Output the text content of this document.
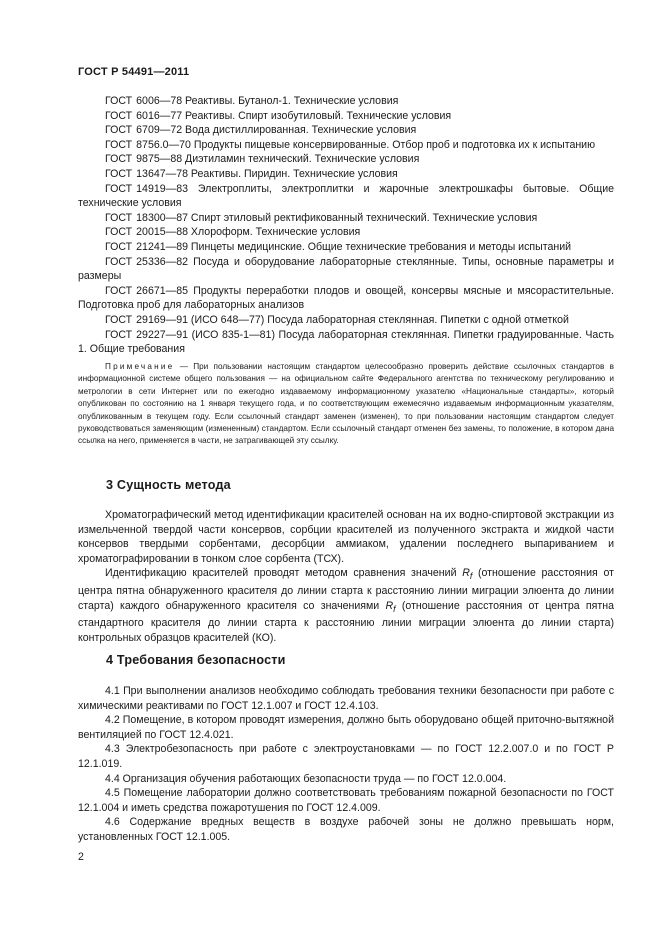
ГОСТ Р 54491—2011
ГОСТ 6006—78 Реактивы. Бутанол-1. Технические условия
ГОСТ 6016—77 Реактивы. Спирт изобутиловый. Технические условия
ГОСТ 6709—72 Вода дистиллированная. Технические условия
ГОСТ 8756.0—70 Продукты пищевые консервированные. Отбор проб и подготовка их к испытанию
ГОСТ 9875—88 Диэтиламин технический. Технические условия
ГОСТ 13647—78 Реактивы. Пиридин. Технические условия
ГОСТ 14919—83 Электроплиты, электроплитки и жарочные электрошкафы бытовые. Общие технические условия
ГОСТ 18300—87 Спирт этиловый ректификованный технический. Технические условия
ГОСТ 20015—88 Хлороформ. Технические условия
ГОСТ 21241—89 Пинцеты медицинские. Общие технические требования и методы испытаний
ГОСТ 25336—82 Посуда и оборудование лабораторные стеклянные. Типы, основные параметры и размеры
ГОСТ 26671—85 Продукты переработки плодов и овощей, консервы мясные и мясорастительные. Подготовка проб для лабораторных анализов
ГОСТ 29169—91 (ИСО 648—77) Посуда лабораторная стеклянная. Пипетки с одной отметкой
ГОСТ 29227—91 (ИСО 835-1—81) Посуда лабораторная стеклянная. Пипетки градуированные. Часть 1. Общие требования
Примечание — При пользовании настоящим стандартом целесообразно проверить действие ссылочных стандартов в информационной системе общего пользования — на официальном сайте Федерального агентства по техническому регулированию и метрологии в сети Интернет или по ежегодно издаваемому информационному указателю «Национальные стандарты», который опубликован по состоянию на 1 января текущего года, и по соответствующим ежемесячно издаваемым информационным указателям, опубликованным в текущем году. Если ссылочный стандарт заменен (изменен), то при пользовании настоящим стандартом следует руководствоваться заменяющим (измененным) стандартом. Если ссылочный стандарт отменен без замены, то положение, в котором дана ссылка на него, применяется в части, не затрагивающей эту ссылку.
3 Сущность метода

Хроматографический метод идентификации красителей основан на их водно-спиртовой экстракции из измельченной твердой части консервов, сорбции красителей из полученного экстракта и жидкой части консервов твердыми сорбентами, десорбции аммиаком, удалении последнего выпариванием и хроматографировании в тонком слое сорбента (ТСХ).

Идентификацию красителей проводят методом сравнения значений $R_f$ (отношение расстояния от центра пятна обнаруженного красителя до линии старта к расстоянию линии миграции элюента до линии старта) каждого обнаруженного красителя со значениями $R_f$ (отношение расстояния от центра пятна стандартного красителя до линии старта к расстоянию линии миграции элюента до линии старта) контрольных образцов красителей (КО).

4 Требования безопасности

4.1 При выполнении анализов необходимо соблюдать требования техники безопасности при работе с химическими реактивами по ГОСТ 12.1.007 и ГОСТ 12.4.103.

4.2 Помещение, в котором проводят измерения, должно быть оборудовано общей приточно-вытяжной вентиляцией по ГОСТ 12.4.021.

4.3 Электробезопасность при работе с электроустановками — по ГОСТ 12.2.007.0 и по ГОСТ Р 12.1.019.

4.4 Организация обучения работающих безопасности труда — по ГОСТ 12.0.004.

4.5 Помещение лаборатории должно соответствовать требованиям пожарной безопасности по ГОСТ 12.1.004 и иметь средства пожаротушения по ГОСТ 12.4.009.

4.6 Содержание вредных веществ в воздухе рабочей зоны не должно превышать норм, установленных ГОСТ 12.1.005.

2
